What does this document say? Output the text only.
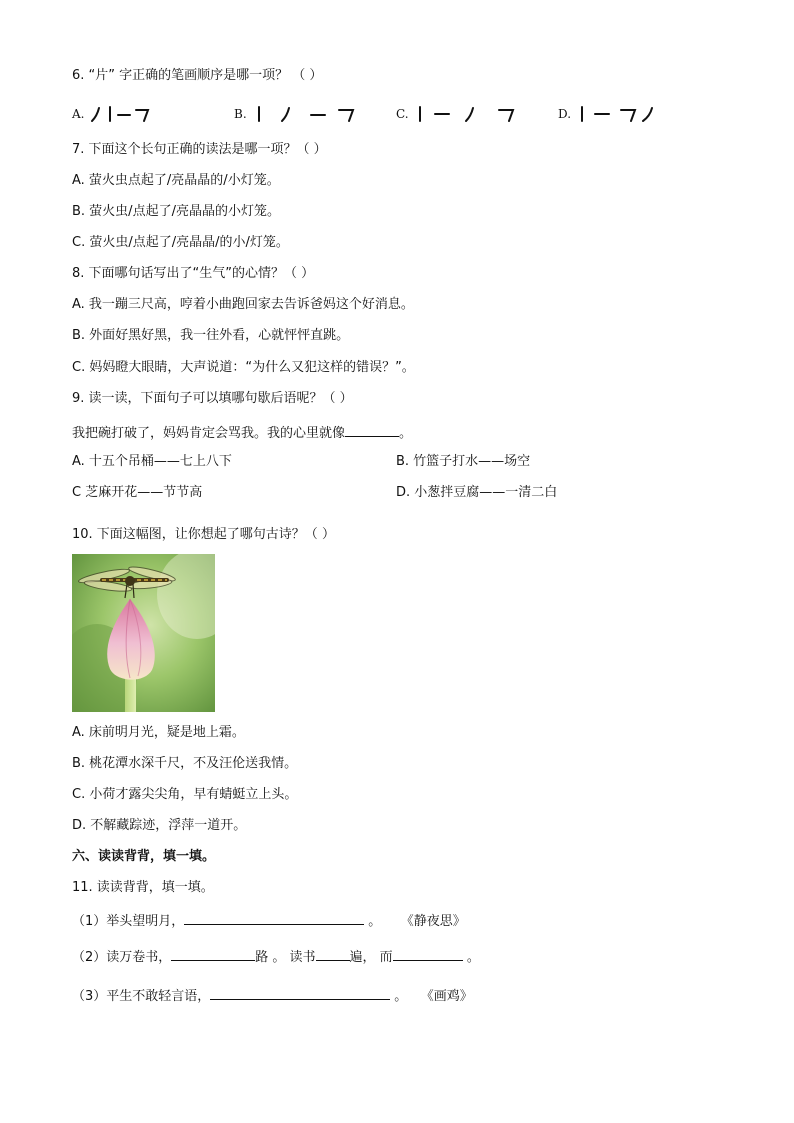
6. “片” 字正确的笔画顺序是哪一项？ （ ）
A.	B.	C.	D.
7. 下面这个长句正确的读法是哪一项？（ ）
A. 萤火虫点起了/亮晶晶的/小灯笼。
B. 萤火虫/点起了/亮晶晶的小灯笼。
C. 萤火虫/点起了/亮晶晶/的小/灯笼。
8. 下面哪句话写出了“生气”的心情？（ ）
A. 我一蹦三尺高，哼着小曲跑回家去告诉爸妈这个好消息。
B. 外面好黑好黑，我一往外看，心就怦怦直跳。
C. 妈妈瞪大眼睛，大声说道：“为什么又犯这样的错误？”。
9. 读一读，下面句子可以填哪句歇后语呢？（ ）
我把碗打破了，妈妈肯定会骂我。我的心里就像	。
A. 十五个吊桶——七上八下	B. 竹篮子打水——场空
C 芝麻开花——节节高	D. 小葱拌豆腐——一清二白
10. 下面这幅图，让你想起了哪句古诗？（ ）
A. 床前明月光，疑是地上霜。
B. 桃花潭水深千尺，不及汪伦送我情。
C. 小荷才露尖尖角，早有蜻蜓立上头。
D. 不解藏踪迹，浮萍一道开。
六、读读背背，填一填。
11. 读读背背，填一填。
（1）举头望明月，	。 《静夜思》
（2）读万卷书，	路 。 读书	遍， 而	。
（3）平生不敢轻言语，	。 《画鸡》
